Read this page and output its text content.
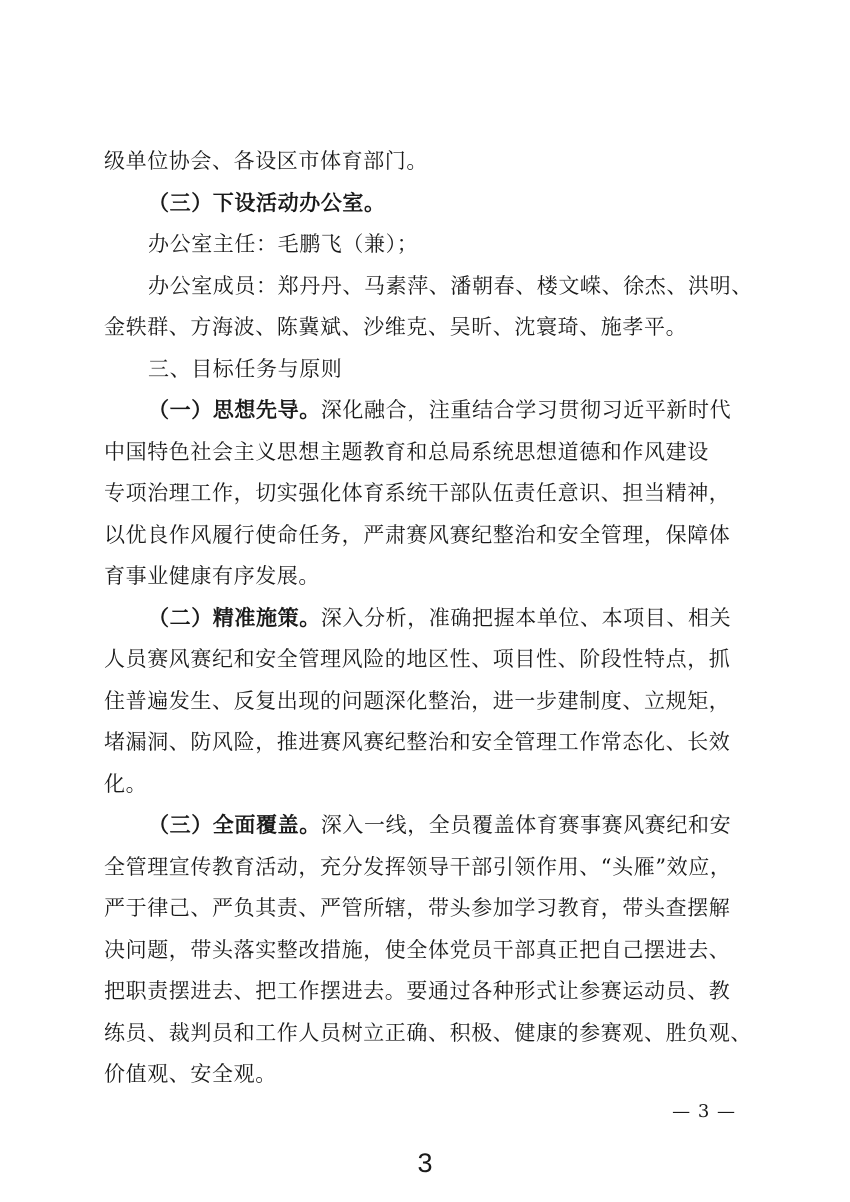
级单位协会、各设区市体育部门。
（三）下设活动办公室。
办公室主任：毛鹏飞（兼）；
办公室成员：郑丹丹、马素萍、潘朝春、楼文嵘、徐杰、洪明、
金轶群、方海波、陈冀斌、沙维克、吴昕、沈寰琦、施孝平。
三、目标任务与原则
（一）思想先导。深化融合，注重结合学习贯彻习近平新时代
中国特色社会主义思想主题教育和总局系统思想道德和作风建设
专项治理工作，切实强化体育系统干部队伍责任意识、担当精神，
以优良作风履行使命任务，严肃赛风赛纪整治和安全管理，保障体
育事业健康有序发展。
（二）精准施策。深入分析，准确把握本单位、本项目、相关
人员赛风赛纪和安全管理风险的地区性、项目性、阶段性特点，抓
住普遍发生、反复出现的问题深化整治，进一步建制度、立规矩，
堵漏洞、防风险，推进赛风赛纪整治和安全管理工作常态化、长效
化。
（三）全面覆盖。深入一线，全员覆盖体育赛事赛风赛纪和安
全管理宣传教育活动，充分发挥领导干部引领作用、“头雁”效应，
严于律己、严负其责、严管所辖，带头参加学习教育，带头查摆解
决问题，带头落实整改措施，使全体党员干部真正把自己摆进去、
把职责摆进去、把工作摆进去。要通过各种形式让参赛运动员、教
练员、裁判员和工作人员树立正确、积极、健康的参赛观、胜负观、
价值观、安全观。
— 3 —
3
